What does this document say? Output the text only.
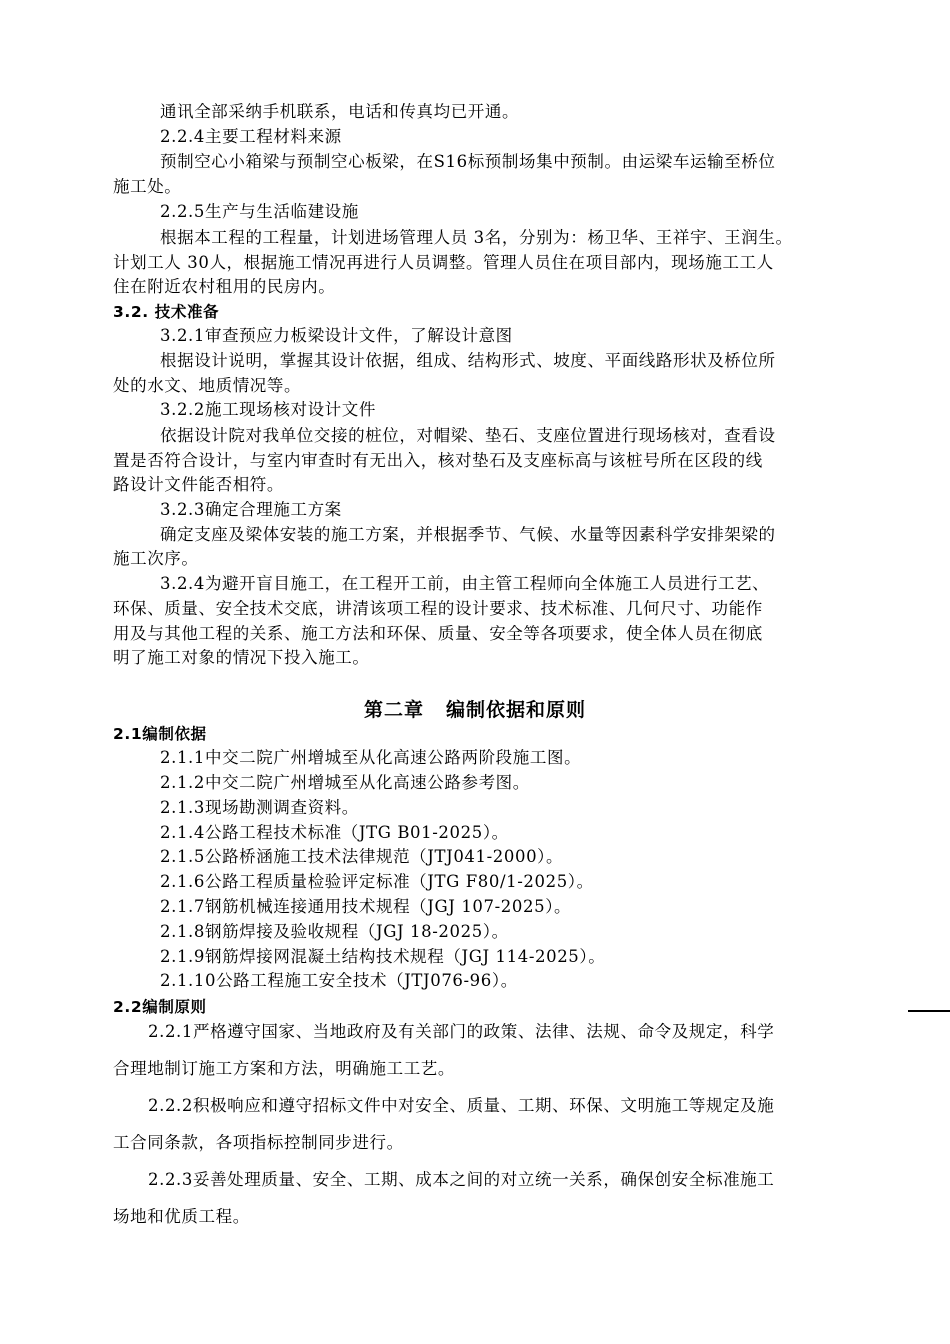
通讯全部采纳手机联系，电话和传真均已开通。
2.2.4主要工程材料来源
预制空心小箱梁与预制空心板梁，在S16标预制场集中预制。由运梁车运输至桥位
施工处。
2.2.5生产与生活临建设施
根据本工程的工程量，计划进场管理人员 3名，分别为：杨卫华、王祥宇、王润生。
计划工人 30人，根据施工情况再进行人员调整。管理人员住在项目部内，现场施工工人
住在附近农村租用的民房内。
3.2. 技术准备
3.2.1审查预应力板梁设计文件，了解设计意图
根据设计说明，掌握其设计依据，组成、结构形式、坡度、平面线路形状及桥位所
处的水文、地质情况等。
3.2.2施工现场核对设计文件
依据设计院对我单位交接的桩位，对帽梁、垫石、支座位置进行现场核对，查看设
置是否符合设计，与室内审查时有无出入，核对垫石及支座标高与该桩号所在区段的线
路设计文件能否相符。
3.2.3确定合理施工方案
确定支座及梁体安装的施工方案，并根据季节、气候、水量等因素科学安排架梁的
施工次序。
3.2.4为避开盲目施工，在工程开工前，由主管工程师向全体施工人员进行工艺、
环保、质量、安全技术交底，讲清该项工程的设计要求、技术标准、几何尺寸、功能作
用及与其他工程的关系、施工方法和环保、质量、安全等各项要求，使全体人员在彻底
明了施工对象的情况下投入施工。
第二章 编制依据和原则
2.1编制依据
2.1.1中交二院广州增城至从化高速公路两阶段施工图。
2.1.2中交二院广州增城至从化高速公路参考图。
2.1.3现场勘测调查资料。
2.1.4公路工程技术标准（JTG B01-2025）。
2.1.5公路桥涵施工技术法律规范（JTJ041-2000）。
2.1.6公路工程质量检验评定标准（JTG F80/1-2025）。
2.1.7钢筋机械连接通用技术规程（JGJ 107-2025）。
2.1.8钢筋焊接及验收规程（JGJ 18-2025）。
2.1.9钢筋焊接网混凝土结构技术规程（JGJ 114-2025）。
2.1.10公路工程施工安全技术（JTJ076-96）。
2.2编制原则
2.2.1严格遵守国家、当地政府及有关部门的政策、法律、法规、命令及规定，科学
合理地制订施工方案和方法，明确施工工艺。
2.2.2积极响应和遵守招标文件中对安全、质量、工期、环保、文明施工等规定及施
工合同条款，各项指标控制同步进行。
2.2.3妥善处理质量、安全、工期、成本之间的对立统一关系，确保创安全标准施工
场地和优质工程。
